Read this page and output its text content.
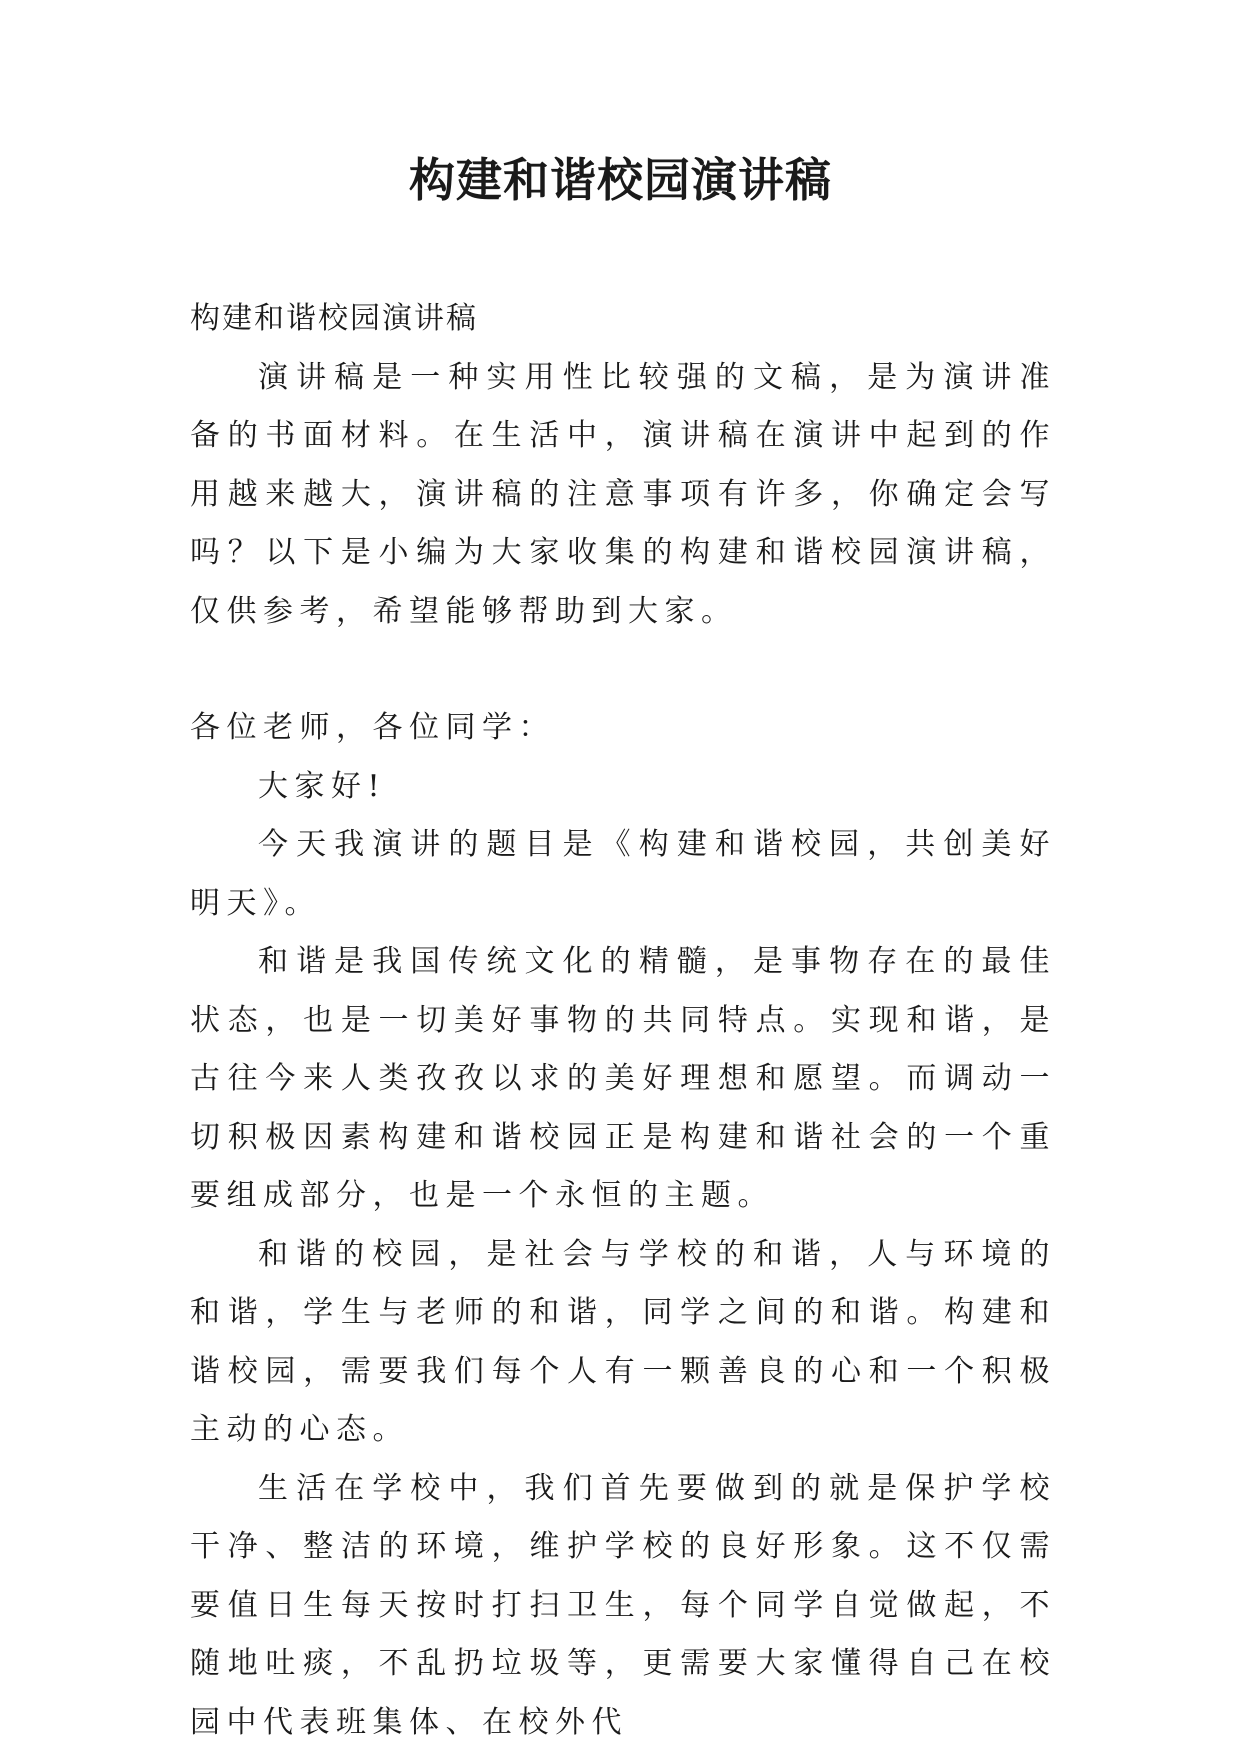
构建和谐校园演讲稿

构建和谐校园演讲稿

演讲稿是一种实用性比较强的文稿，是为演讲准备的书面材料。在生活中，演讲稿在演讲中起到的作用越来越大，演讲稿的注意事项有许多，你确定会写吗？以下是小编为大家收集的构建和谐校园演讲稿，仅供参考，希望能够帮助到大家。

各位老师，各位同学：

大家好!

今天我演讲的题目是《构建和谐校园，共创美好明天》。

和谐是我国传统文化的精髓，是事物存在的最佳状态，也是一切美好事物的共同特点。实现和谐，是古往今来人类孜孜以求的美好理想和愿望。而调动一切积极因素构建和谐校园正是构建和谐社会的一个重要组成部分，也是一个永恒的主题。

和谐的校园，是社会与学校的和谐，人与环境的和谐，学生与老师的和谐，同学之间的和谐。构建和谐校园，需要我们每个人有一颗善良的心和一个积极主动的心态。

生活在学校中，我们首先要做到的就是保护学校干净、整洁的环境，维护学校的良好形象。这不仅需要值日生每天按时打扫卫生，每个同学自觉做起，不随地吐痰，不乱扔垃圾等，更需要大家懂得自己在校园中代表班集体、在校外代
